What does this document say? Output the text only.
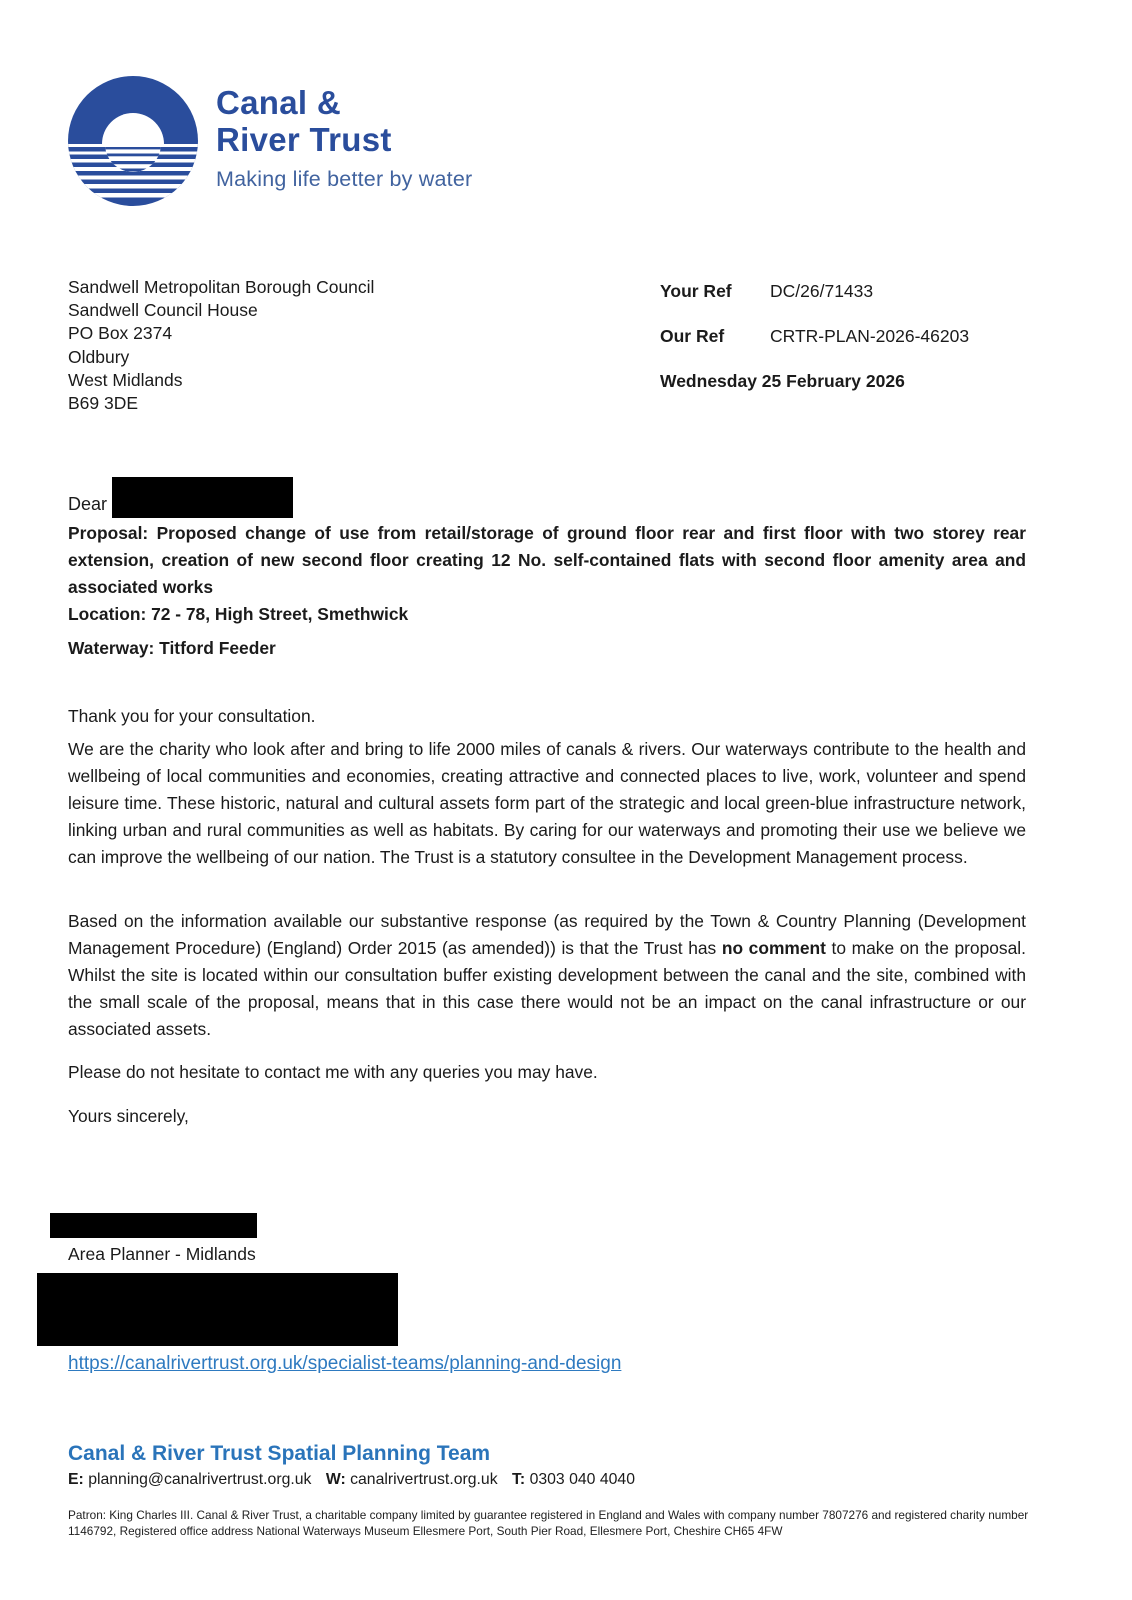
Canal &
River Trust
Making life better by water
Sandwell Metropolitan Borough Council
Sandwell Council House
PO Box 2374
Oldbury
West Midlands
B69 3DE
Your Ref	DC/26/71433
Our Ref	CRTR-PLAN-2026-46203
Wednesday 25 February 2026
Dear
Proposal: Proposed change of use from retail/storage of ground floor rear and first floor with two storey rear extension, creation of new second floor creating 12 No. self-contained flats with second floor amenity area and associated works
Location: 72 - 78, High Street, Smethwick
Waterway: Titford Feeder
Thank you for your consultation.
We are the charity who look after and bring to life 2000 miles of canals & rivers. Our waterways contribute to the health and wellbeing of local communities and economies, creating attractive and connected places to live, work, volunteer and spend leisure time. These historic, natural and cultural assets form part of the strategic and local green-blue infrastructure network, linking urban and rural communities as well as habitats. By caring for our waterways and promoting their use we believe we can improve the wellbeing of our nation. The Trust is a statutory consultee in the Development Management process.
Based on the information available our substantive response (as required by the Town & Country Planning (Development Management Procedure) (England) Order 2015 (as amended)) is that the Trust has no comment to make on the proposal. Whilst the site is located within our consultation buffer existing development between the canal and the site, combined with the small scale of the proposal, means that in this case there would not be an impact on the canal infrastructure or our associated assets.
Please do not hesitate to contact me with any queries you may have.
Yours sincerely,
Area Planner - Midlands
https://canalrivertrust.org.uk/specialist-teams/planning-and-design
Canal & River Trust Spatial Planning Team
E: planning@canalrivertrust.org.uk W: canalrivertrust.org.uk T: 0303 040 4040
Patron: King Charles III. Canal & River Trust, a charitable company limited by guarantee registered in England and Wales with company number 7807276 and registered charity number 1146792, Registered office address National Waterways Museum Ellesmere Port, South Pier Road, Ellesmere Port, Cheshire CH65 4FW
